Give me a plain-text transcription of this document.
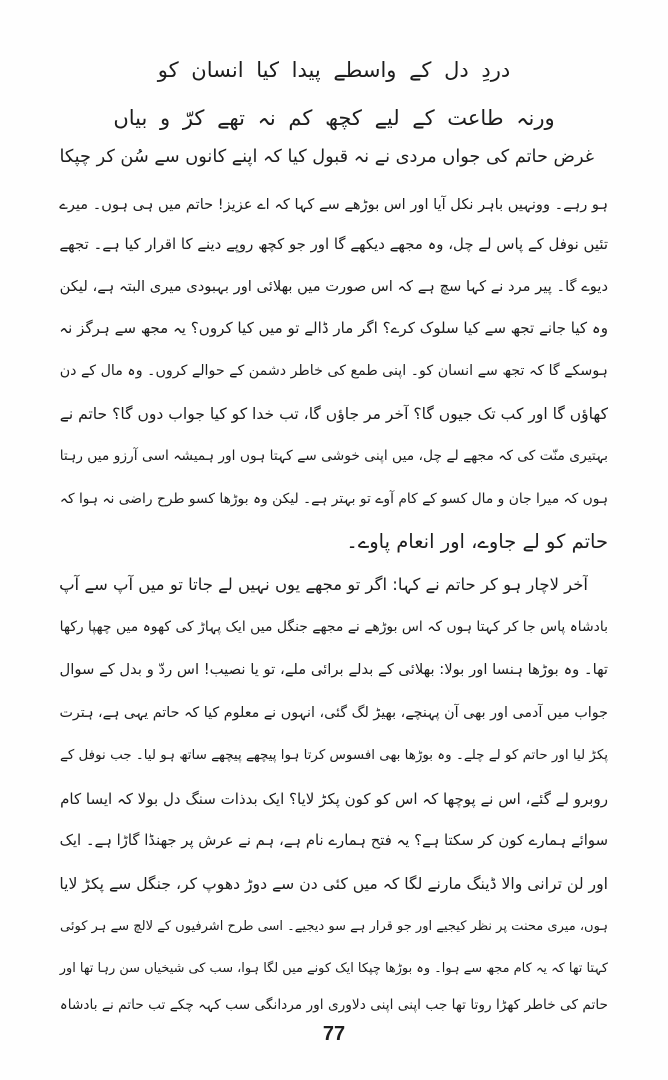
دردِ دل کے واسطے پیدا کیا انسان کو
ورنہ طاعت کے لیے کچھ کم نہ تھے کرّ و بیاں
غرض حاتم کی جواں مردی نے نہ قبول کیا کہ اپنے کانوں سے سُن کر چپکا
ہو رہے۔ وونہیں باہر نکل آیا اور اس بوڑھے سے کہا کہ اے عزیز! حاتم میں ہی ہوں۔ میرے
تئیں نوفل کے پاس لے چل، وہ مجھے دیکھے گا اور جو کچھ روپے دینے کا اقرار کیا ہے۔ تجھے
دیوے گا۔ پیر مرد نے کہا سچ ہے کہ اس صورت میں بھلائی اور بہبودی میری البتہ ہے، لیکن
وہ کیا جانے تجھ سے کیا سلوک کرے؟ اگر مار ڈالے تو میں کیا کروں؟ یہ مجھ سے ہرگز نہ
ہوسکے گا کہ تجھ سے انسان کو۔ اپنی طمع کی خاطر دشمن کے حوالے کروں۔ وہ مال کے دن
کھاؤں گا اور کب تک جیوں گا؟ آخر مر جاؤں گا، تب خدا کو کیا جواب دوں گا؟ حاتم نے
بہتیری منّت کی کہ مجھے لے چل، میں اپنی خوشی سے کہتا ہوں اور ہمیشہ اسی آرزو میں رہتا
ہوں کہ میرا جان و مال کسو کے کام آوے تو بہتر ہے۔ لیکن وہ بوڑھا کسو طرح راضی نہ ہوا کہ
حاتم کو لے جاوے، اور انعام پاوے۔
آخر لاچار ہو کر حاتم نے کہا: اگر تو مجھے یوں نہیں لے جاتا تو میں آپ سے آپ
بادشاہ پاس جا کر کہتا ہوں کہ اس بوڑھے نے مجھے جنگل میں ایک پہاڑ کی کھوہ میں چھپا رکھا
تھا۔ وہ بوڑھا ہنسا اور بولا: بھلائی کے بدلے برائی ملے، تو یا نصیب! اس ردّ و بدل کے سوال
جواب میں آدمی اور بھی آن پہنچے، بھیڑ لگ گئی، انہوں نے معلوم کیا کہ حاتم یہی ہے، ہترت
پکڑ لیا اور حاتم کو لے چلے۔ وہ بوڑھا بھی افسوس کرتا ہوا پیچھے پیچھے ساتھ ہو لیا۔ جب نوفل کے
روبرو لے گئے، اس نے پوچھا کہ اس کو کون پکڑ لایا؟ ایک بدذات سنگ دل بولا کہ ایسا کام
سوائے ہمارے کون کر سکتا ہے؟ یہ فتح ہمارے نام ہے، ہم نے عرش پر جھنڈا گاڑا ہے۔ ایک
اور لن ترانی والا ڈینگ مارنے لگا کہ میں کئی دن سے دوڑ دھوپ کر، جنگل سے پکڑ لایا
ہوں، میری محنت پر نظر کیجیے اور جو قرار ہے سو دیجیے۔ اسی طرح اشرفیوں کے لالچ سے ہر کوئی
کہتا تھا کہ یہ کام مجھ سے ہوا۔ وہ بوڑھا چپکا ایک کونے میں لگا ہوا، سب کی شیخیاں سن رہا تھا اور
حاتم کی خاطر کھڑا روتا تھا جب اپنی اپنی دلاوری اور مردانگی سب کہہ چکے تب حاتم نے بادشاہ
77
